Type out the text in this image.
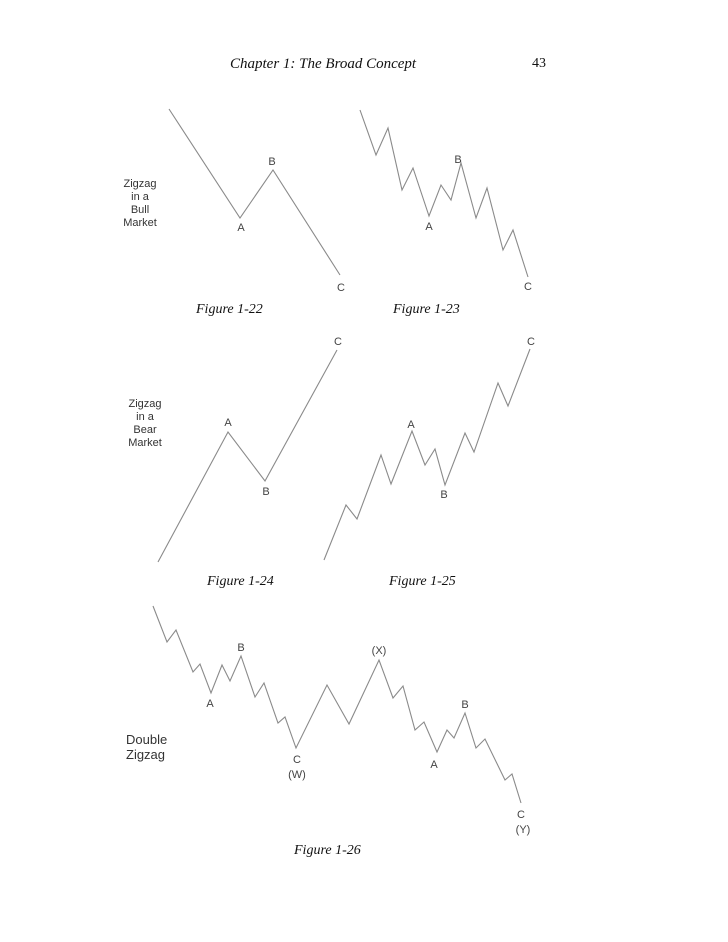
Chapter 1: The Broad Concept	43
Zigzag
in a
Bull
Market
Zigzag
in a
Bear
Market
Double
Zigzag
A
B
C
A
B
C
A
B
C
A
B
C
A
B
C
(W)
(X)
A
B
C
(Y)
Figure 1-22	Figure 1-23
Figure 1-24	Figure 1-25
Figure 1-26
